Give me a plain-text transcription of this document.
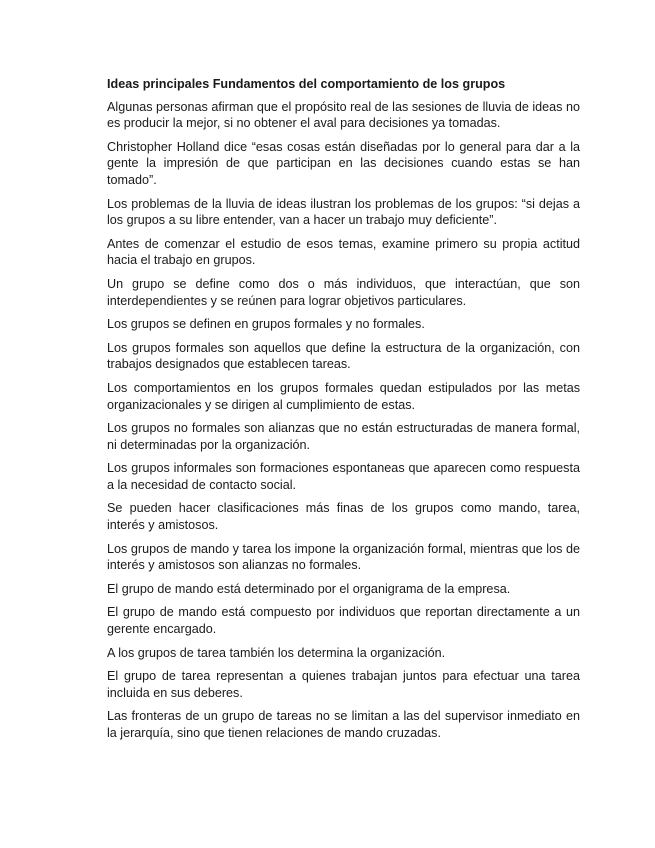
Ideas principales Fundamentos del comportamiento de los grupos
Algunas personas afirman que el propósito real de las sesiones de lluvia de ideas no es producir la mejor, si no obtener el aval para decisiones ya tomadas.
Christopher Holland dice “esas cosas están diseñadas por lo general para dar a la gente la impresión de que participan en las decisiones cuando estas se han tomado”.
Los problemas de la lluvia de ideas ilustran los problemas de los grupos: “si dejas a los grupos a su libre entender, van a hacer un trabajo muy deficiente”.
Antes de comenzar el estudio de esos temas, examine primero su propia actitud hacia el trabajo en grupos.
Un grupo se define como dos o más individuos, que interactúan, que son interdependientes y se reúnen para lograr objetivos particulares.
Los grupos se definen en grupos formales y no formales.
Los grupos formales son aquellos que define la estructura de la organización, con trabajos designados que establecen tareas.
Los comportamientos en los grupos formales quedan estipulados por las metas organizacionales y se dirigen al cumplimiento de estas.
Los grupos no formales son alianzas que no están estructuradas de manera formal, ni determinadas por la organización.
Los grupos informales son formaciones espontaneas que aparecen como respuesta a la necesidad de contacto social.
Se pueden hacer clasificaciones más finas de los grupos como mando, tarea, interés y amistosos.
Los grupos de mando y tarea los impone la organización formal, mientras que los de interés y amistosos son alianzas no formales.
El grupo de mando está determinado por el organigrama de la empresa.
El grupo de mando está compuesto por individuos que reportan directamente a un gerente encargado.
A los grupos de tarea también los determina la organización.
El grupo de tarea representan a quienes trabajan juntos para efectuar una tarea incluida en sus deberes.
Las fronteras de un grupo de tareas no se limitan a las del supervisor inmediato en la jerarquía, sino que tienen relaciones de mando cruzadas.
